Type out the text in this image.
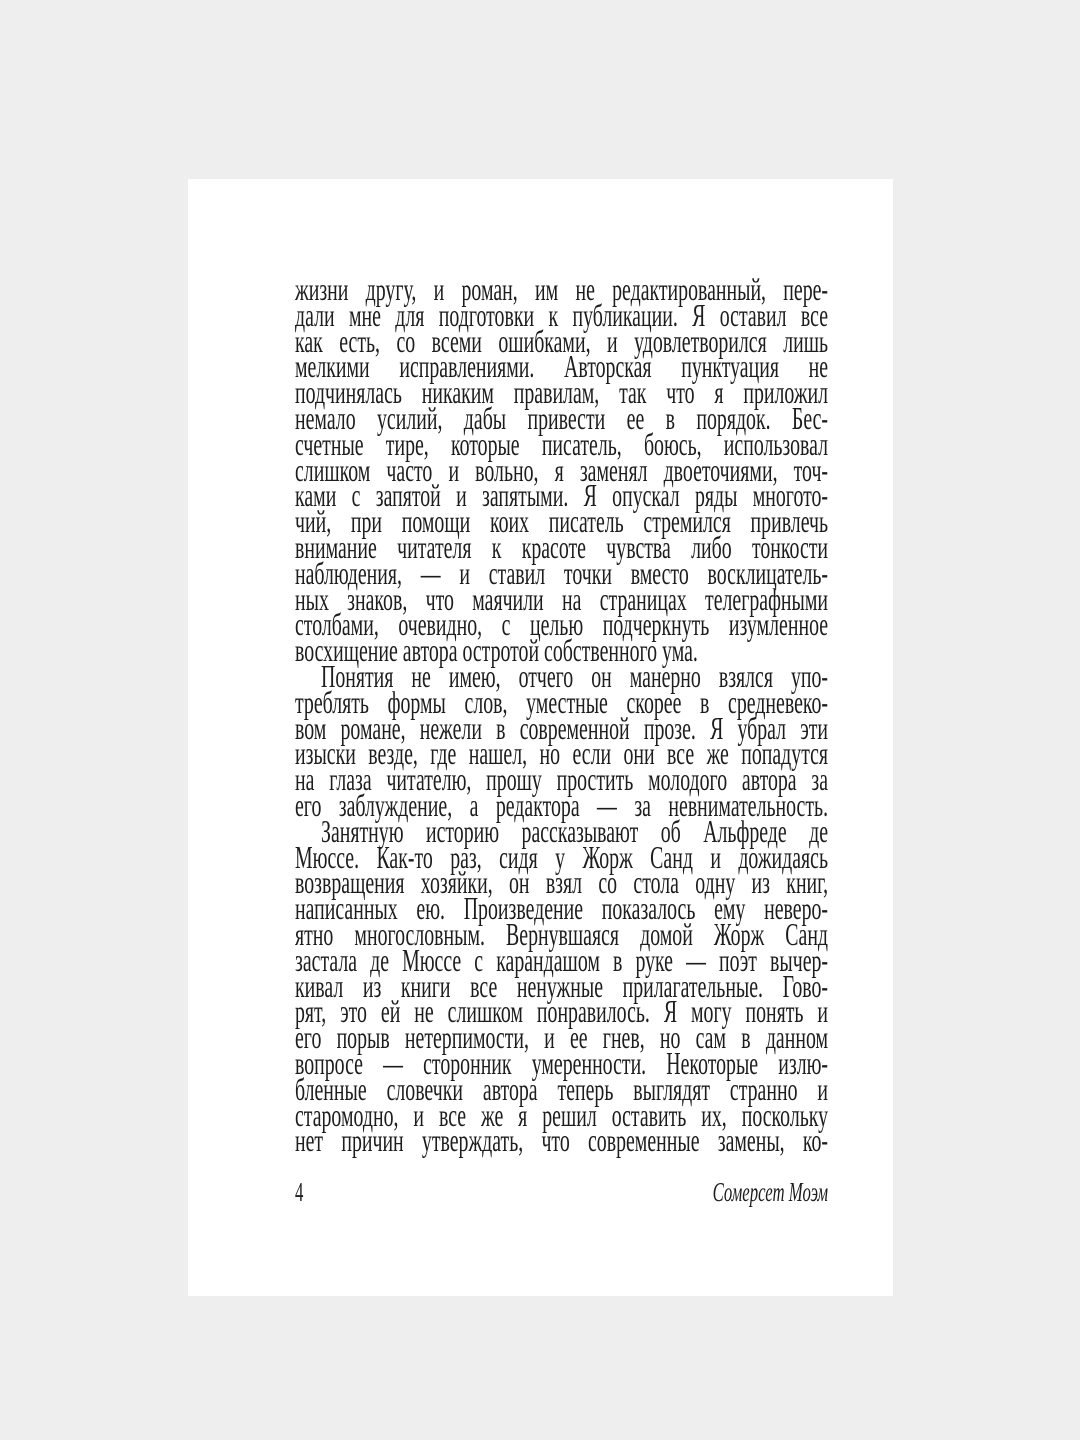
жизни другу, и роман, им не редактированный, пере-
дали мне для подготовки к публикации. Я оставил все
как есть, со всеми ошибками, и удовлетворился лишь
мелкими исправлениями. Авторская пунктуация не
подчинялась никаким правилам, так что я приложил
немало усилий, дабы привести ее в порядок. Бес-
счетные тире, которые писатель, боюсь, использовал
слишком часто и вольно, я заменял двоеточиями, точ-
ками с запятой и запятыми. Я опускал ряды многото-
чий, при помощи коих писатель стремился привлечь
внимание читателя к красоте чувства либо тонкости
наблюдения, — и ставил точки вместо восклицатель-
ных знаков, что маячили на страницах телеграфными
столбами, очевидно, с целью подчеркнуть изумленное
восхищение автора остротой собственного ума.
Понятия не имею, отчего он манерно взялся упо-
треблять формы слов, уместные скорее в средневеко-
вом романе, нежели в современной прозе. Я убрал эти
изыски везде, где нашел, но если они все же попадутся
на глаза читателю, прошу простить молодого автора за
его заблуждение, а редактора — за невнимательность.
Занятную историю рассказывают об Альфреде де
Мюссе. Как-то раз, сидя у Жорж Санд и дожидаясь
возвращения хозяйки, он взял со стола одну из книг,
написанных ею. Произведение показалось ему неверо-
ятно многословным. Вернувшаяся домой Жорж Санд
застала де Мюссе с карандашом в руке — поэт вычер-
кивал из книги все ненужные прилагательные. Гово-
рят, это ей не слишком понравилось. Я могу понять и
его порыв нетерпимости, и ее гнев, но сам в данном
вопросе — сторонник умеренности. Некоторые излю-
бленные словечки автора теперь выглядят странно и
старомодно, и все же я решил оставить их, поскольку
нет причин утверждать, что современные замены, ко-
4	Сомерсет Моэм
